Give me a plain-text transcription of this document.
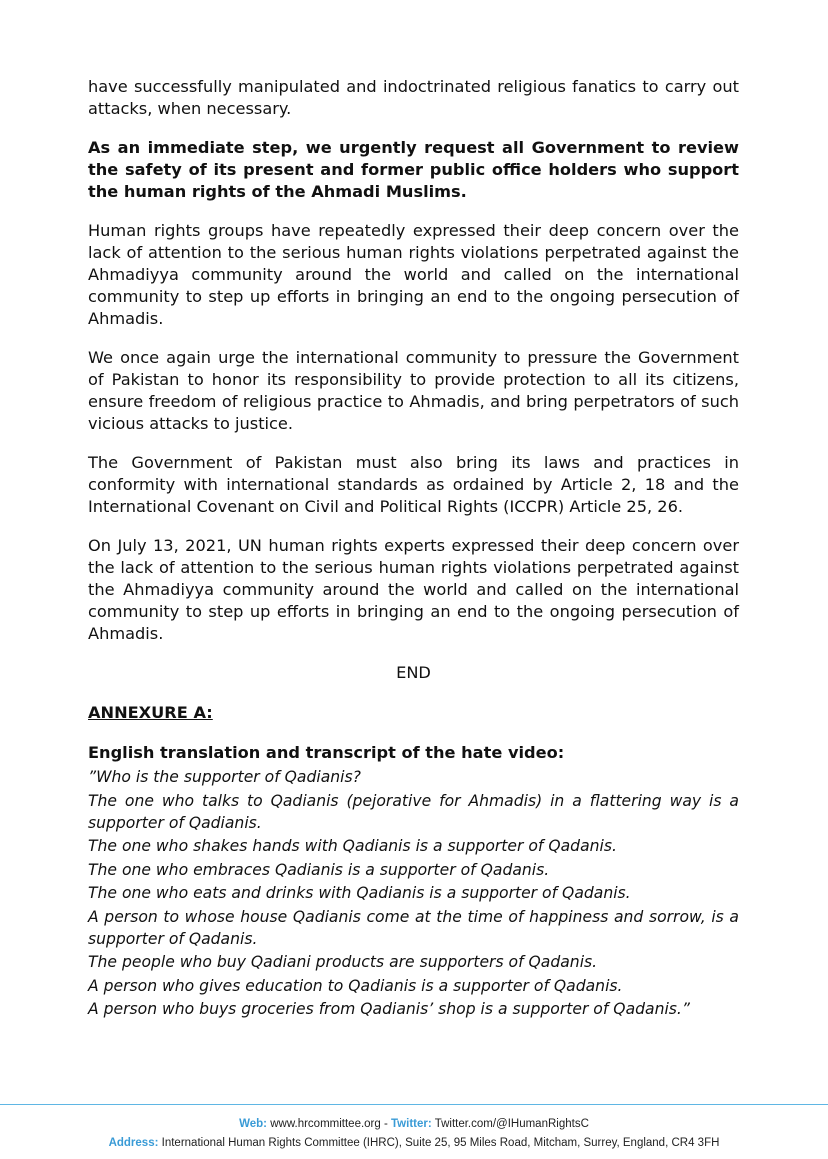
have successfully manipulated and indoctrinated religious fanatics to carry out attacks, when necessary.

As an immediate step, we urgently request all Government to review the safety of its present and former public office holders who support the human rights of the Ahmadi Muslims.

Human rights groups have repeatedly expressed their deep concern over the lack of attention to the serious human rights violations perpetrated against the Ahmadiyya community around the world and called on the international community to step up efforts in bringing an end to the ongoing persecution of Ahmadis.

We once again urge the international community to pressure the Government of Pakistan to honor its responsibility to provide protection to all its citizens, ensure freedom of religious practice to Ahmadis, and bring perpetrators of such vicious attacks to justice.

The Government of Pakistan must also bring its laws and practices in conformity with international standards as ordained by Article 2, 18 and the International Covenant on Civil and Political Rights (ICCPR) Article 25, 26.

On July 13, 2021, UN human rights experts expressed their deep concern over the lack of attention to the serious human rights violations perpetrated against the Ahmadiyya community around the world and called on the international community to step up efforts in bringing an end to the ongoing persecution of Ahmadis.

END

ANNEXURE A:

English translation and transcript of the hate video:

”Who is the supporter of Qadianis?

The one who talks to Qadianis (pejorative for Ahmadis) in a flattering way is a supporter of Qadianis.

The one who shakes hands with Qadianis is a supporter of Qadanis.

The one who embraces Qadianis is a supporter of Qadanis.

The one who eats and drinks with Qadianis is a supporter of Qadanis.

A person to whose house Qadianis come at the time of happiness and sorrow, is a supporter of Qadanis.

The people who buy Qadiani products are supporters of Qadanis.

A person who gives education to Qadianis is a supporter of Qadanis.

A person who buys groceries from Qadianis’ shop is a supporter of Qadanis.”

Web: www.hrcommittee.org - Twitter: Twitter.com/@IHumanRightsC
Address: International Human Rights Committee (IHRC), Suite 25, 95 Miles Road, Mitcham, Surrey, England, CR4 3FH
